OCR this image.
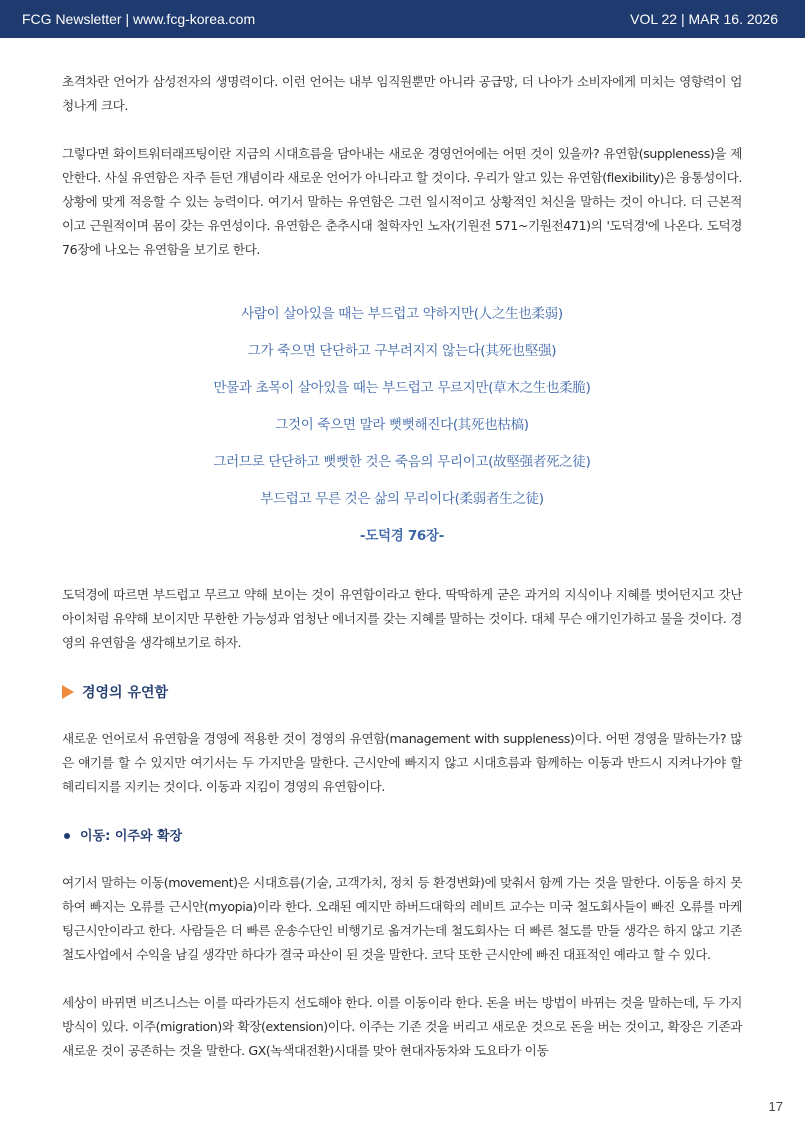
FCG Newsletter | www.fcg-korea.com	VOL 22 | MAR 16. 2026

초격차란 언어가 삼성전자의 생명력이다. 이런 언어는 내부 임직원뿐만 아니라 공급망, 더 나아가 소비자에게 미치는 영향력이 엄청나게 크다.

그렇다면 화이트워터래프팅이란 지금의 시대흐름을 담아내는 새로운 경영언어에는 어떤 것이 있을까? 유연함(suppleness)을 제안한다. 사실 유연함은 자주 듣던 개념이라 새로운 언어가 아니라고 할 것이다. 우리가 알고 있는 유연함(flexibility)은 융통성이다. 상황에 맞게 적응할 수 있는 능력이다. 여기서 말하는 유연함은 그런 일시적이고 상황적인 처신을 말하는 것이 아니다. 더 근본적이고 근원적이며 몸이 갖는 유연성이다. 유연함은 춘추시대 철학자인 노자(기원전 571~기원전471)의 '도덕경'에 나온다. 도덕경 76장에 나오는 유연함을 보기로 한다.

사람이 살아있을 때는 부드럽고 약하지만(人之生也柔弱)

그가 죽으면 단단하고 구부려지지 않는다(其死也堅强)

만물과 초목이 살아있을 때는 부드럽고 무르지만(草木之生也柔脆)

그것이 죽으면 말라 뻣뻣해진다(其死也枯槁)

그러므로 단단하고 뻣뻣한 것은 죽음의 무리이고(故堅强者死之徒)

부드럽고 무른 것은 삶의 무리이다(柔弱者生之徒)

-도덕경 76장-

도덕경에 따르면 부드럽고 무르고 약해 보이는 것이 유연함이라고 한다. 딱딱하게 굳은 과거의 지식이나 지혜를 벗어던지고 갓난아이처럼 유약해 보이지만 무한한 가능성과 엄청난 에너지를 갖는 지혜를 말하는 것이다. 대체 무슨 얘기인가하고 물을 것이다. 경영의 유연함을 생각해보기로 하자.

경영의 유연함

새로운 언어로서 유연함을 경영에 적용한 것이 경영의 유연함(management with suppleness)이다. 어떤 경영을 말하는가? 많은 얘기를 할 수 있지만 여기서는 두 가지만을 말한다. 근시안에 빠지지 않고 시대흐름과 함께하는 이동과 반드시 지켜나가야 할 헤리티지를 지키는 것이다. 이동과 지킴이 경영의 유연함이다.

이동: 이주와 확장

여기서 말하는 이동(movement)은 시대흐름(기술, 고객가치, 정치 등 환경변화)에 맞춰서 함께 가는 것을 말한다. 이동을 하지 못하여 빠지는 오류를 근시안(myopia)이라 한다. 오래된 예지만 하버드대학의 레비트 교수는 미국 철도회사들이 빠진 오류를 마케팅근시안이라고 한다. 사람들은 더 빠른 운송수단인 비행기로 옮겨가는데 철도회사는 더 빠른 철도를 만들 생각은 하지 않고 기존 철도사업에서 수익을 남길 생각만 하다가 결국 파산이 된 것을 말한다. 코닥 또한 근시안에 빠진 대표적인 예라고 할 수 있다.

세상이 바뀌면 비즈니스는 이를 따라가든지 선도해야 한다. 이를 이동이라 한다. 돈을 버는 방법이 바뀌는 것을 말하는데, 두 가지 방식이 있다. 이주(migration)와 확장(extension)이다. 이주는 기존 것을 버리고 새로운 것으로 돈을 버는 것이고, 확장은 기존과 새로운 것이 공존하는 것을 말한다. GX(녹색대전환)시대를 맞아 현대자동차와 도요타가 이동

17
